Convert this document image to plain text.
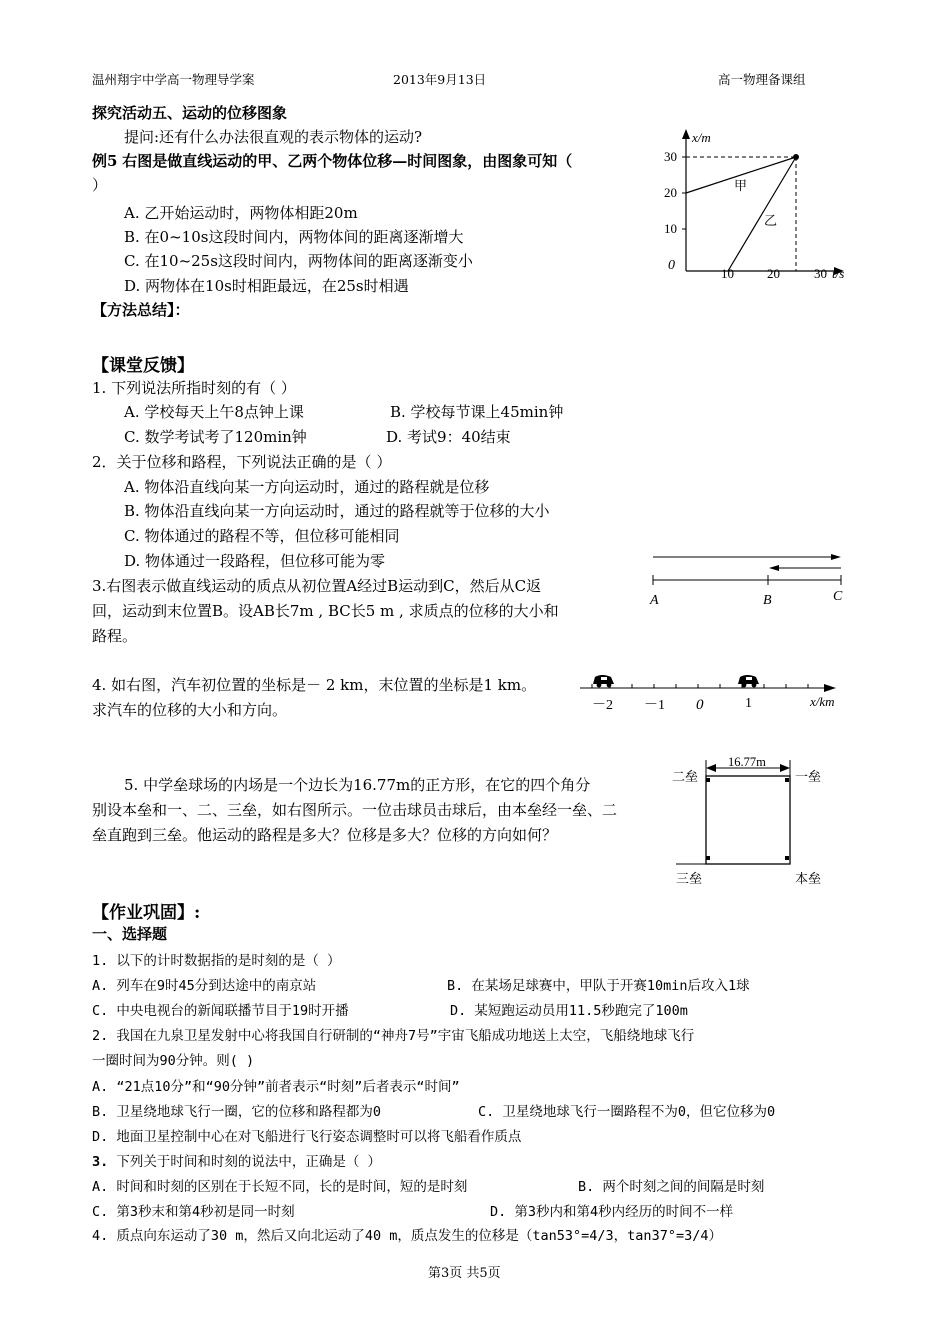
温州翔宇中学高一物理导学案	2013年9月13日	高一物理备课组
探究活动五、运动的位移图象
提问:还有什么办法很直观的表示物体的运动?
例5 右图是做直线运动的甲、乙两个物体位移—时间图象，由图象可知（
）
A. 乙开始运动时，两物体相距20m
B. 在0~10s这段时间内，两物体间的距离逐渐增大
C. 在10~25s这段时间内，两物体间的距离逐渐变小
D. 两物体在10s时相距最远，在25s时相遇
【方法总结】：
x/m
30
20
10
0
10	20	30 t/s
甲
乙
【课堂反馈】
1. 下列说法所指时刻的有（ ）
A. 学校每天上午8点钟上课	B. 学校每节课上45min钟
C. 数学考试考了120min钟	D. 考试9：40结束
2．关于位移和路程，下列说法正确的是（ ）
A. 物体沿直线向某一方向运动时，通过的路程就是位移
B. 物体沿直线向某一方向运动时，通过的路程就等于位移的大小
C. 物体通过的路程不等，但位移可能相同
D. 物体通过一段路程，但位移可能为零
3.右图表示做直线运动的质点从初位置A经过B运动到C，然后从C返
回，运动到末位置B。设AB长7m , BC长5 m , 求质点的位移的大小和
路程。
A	B	C
4. 如右图，汽车初位置的坐标是－ 2 km，末位置的坐标是1 km。
求汽车的位移的大小和方向。	－2 －1 0	1	x/km
5. 中学垒球场的内场是一个边长为16.77m的正方形，在它的四个角分
别设本垒和一、二、三垒，如右图所示。一位击球员击球后，由本垒经一垒、二
垒直跑到三垒。他运动的路程是多大？位移是多大？位移的方向如何？
16.77m
二垒	一垒
三垒	本垒
【作业巩固】:
一、选择题
1. 以下的计时数据指的是时刻的是（ ）
A. 列车在9时45分到达途中的南京站	B. 在某场足球赛中，甲队于开赛10min后攻入1球
C. 中央电视台的新闻联播节目于19时开播	D. 某短跑运动员用11.5秒跑完了100m
2. 我国在九泉卫星发射中心将我国自行研制的“神舟7号”宇宙飞船成功地送上太空，飞船绕地球飞行
一圈时间为90分钟。则( )
A. “21点10分”和“90分钟”前者表示“时刻”后者表示“时间”
B. 卫星绕地球飞行一圈，它的位移和路程都为0	C. 卫星绕地球飞行一圈路程不为0，但它位移为0
D. 地面卫星控制中心在对飞船进行飞行姿态调整时可以将飞船看作质点
3. 下列关于时间和时刻的说法中，正确是（ ）
A. 时间和时刻的区别在于长短不同，长的是时间，短的是时刻	B. 两个时刻之间的间隔是时刻
C. 第3秒末和第4秒初是同一时刻	D. 第3秒内和第4秒内经历的时间不一样
4. 质点向东运动了30 m，然后又向北运动了40 m，质点发生的位移是（tan53°=4/3，tan37°=3/4）
第3页 共5页
